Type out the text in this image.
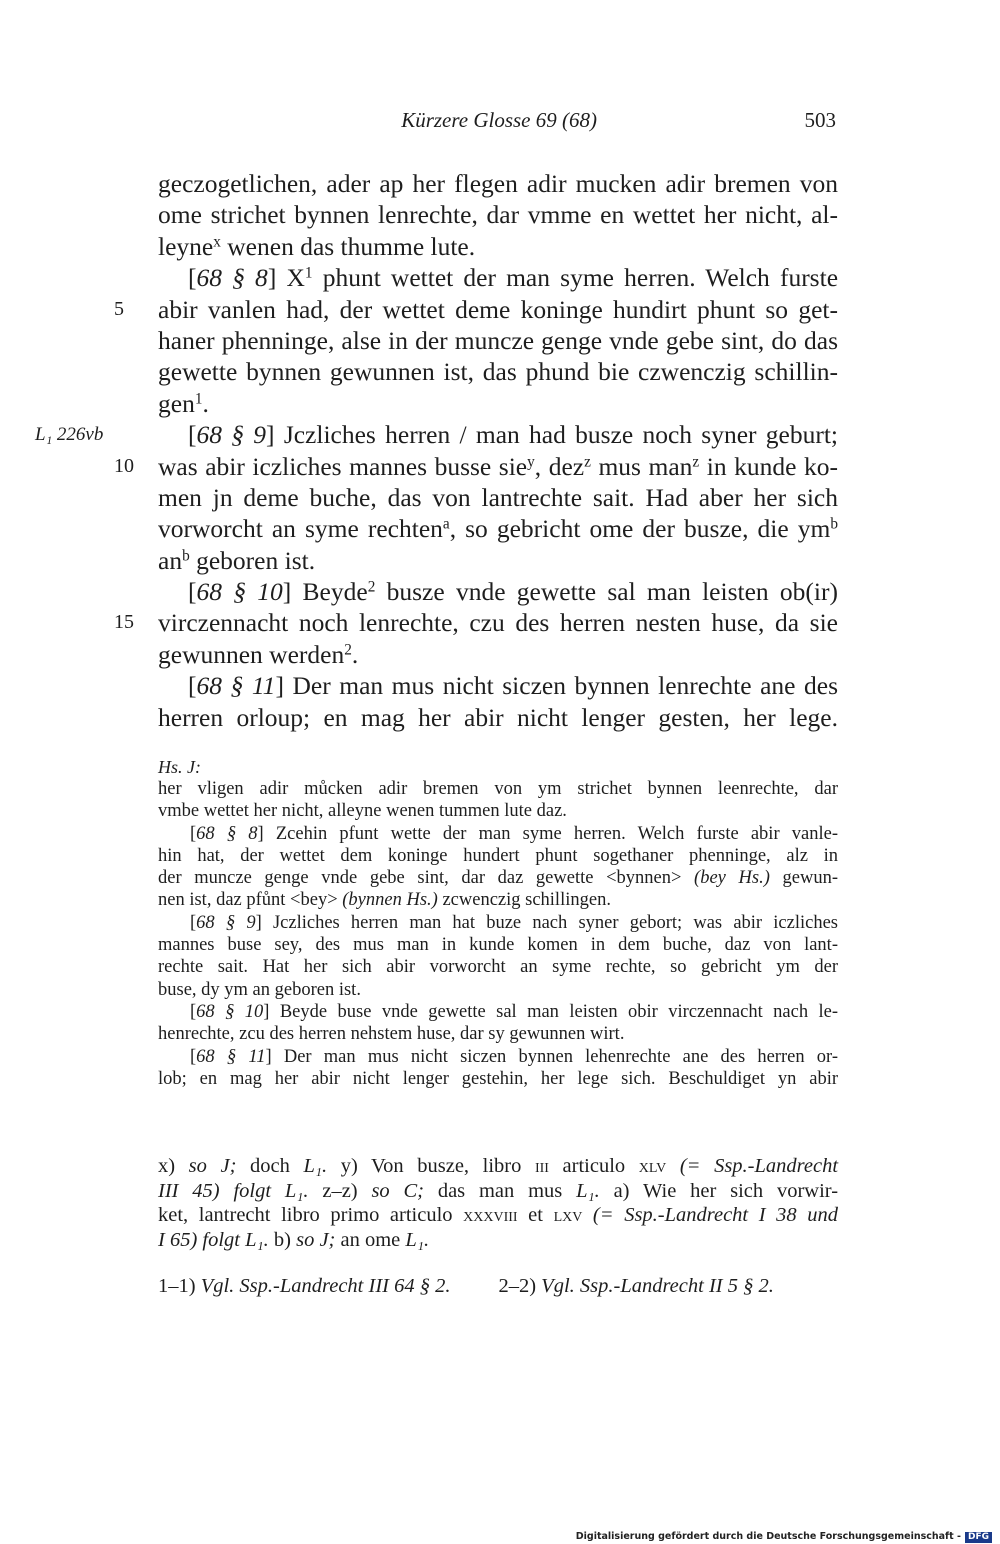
Kürzere Glosse 69 (68)	503
geczogetlichen, ader ap her flegen adir mucken adir bremen von
ome strichet bynnen lenrechte, dar vmme en wettet her nicht, al-
leyne$^x$ wenen das thumme lute.
[68 § 8] $X^1$ phunt wettet der man syme herren. Welch furste
5	abir vanlen had, der wettet deme koninge hundirt phunt so get-
haner phenninge, alse in der muncze genge vnde gebe sint, do das
gewette bynnen gewunnen ist, das phund bie czwenczig schillin-
gen$^1$.
L₁ 226vb	[68 § 9] Jczliches herren / man had busze noch syner geburt;
10 was abir iczliches mannes busse sie$^y$, dez$^z$ mus man$^z$ in kunde ko-
men jn deme buche, das von lantrechte sait. Had aber her sich
vorworcht an syme rechten$^a$, so gebricht ome der busze, die $ym^b$
$an^b$ geboren ist.
[68 § 10] Beyde$^2$ busze vnde gewette sal man leisten ob(ir)
15 virczennacht noch lenrechte, czu des herren nesten huse, da sie
gewunnen werden$^2$.
[68 § 11] Der man mus nicht siczen bynnen lenrechte ane des
herren orloup; en mag her abir nicht lenger gesten, her lege.
Hs. J:
her vligen adir můcken adir bremen von ym strichet bynnen leenrechte, dar
vmbe wettet her nicht, alleyne wenen tummen lute daz.
[68 § 8] Zcehin pfunt wette der man syme herren. Welch furste abir vanle-
hin hat, der wettet dem koninge hundert phunt sogethaner phenninge, alz in
der muncze genge vnde gebe sint, dar daz gewette <bynnen> (bey Hs.) gewun-
nen ist, daz pfůnt <bey> (bynnen Hs.) zcwenczig schillingen.
[68 § 9] Jczliches herren man hat buze nach syner gebort; was abir iczliches
mannes buse sey, des mus man in kunde komen in dem buche, daz von lant-
rechte sait. Hat her sich abir vorworcht an syme rechte, so gebricht ym der
buse, dy ym an geboren ist.
[68 § 10] Beyde buse vnde gewette sal man leisten obir virczennacht nach le-
henrechte, zcu des herren nehstem huse, dar sy gewunnen wirt.
[68 § 11] Der man mus nicht siczen bynnen lehenrechte ane des herren or-
lob; en mag her abir nicht lenger gestehin, her lege sich. Beschuldiget yn abir
x) so J; doch L₁. y) Von busze, libro iii articulo xlv (= Ssp.-Landrecht
III 45) folgt L₁. z–z) so C; das man mus L₁. a) Wie her sich vorwir-
ket, lantrecht libro primo articulo xxxviii et lxv (= Ssp.-Landrecht I 38 und
I 65) folgt L₁. b) so J; an ome L₁.
1–1) Vgl. Ssp.-Landrecht III 64 § 2. 2–2) Vgl. Ssp.-Landrecht II 5 § 2.
Digitalisierung gefördert durch die Deutsche Forschungsgemeinschaft - DFG
